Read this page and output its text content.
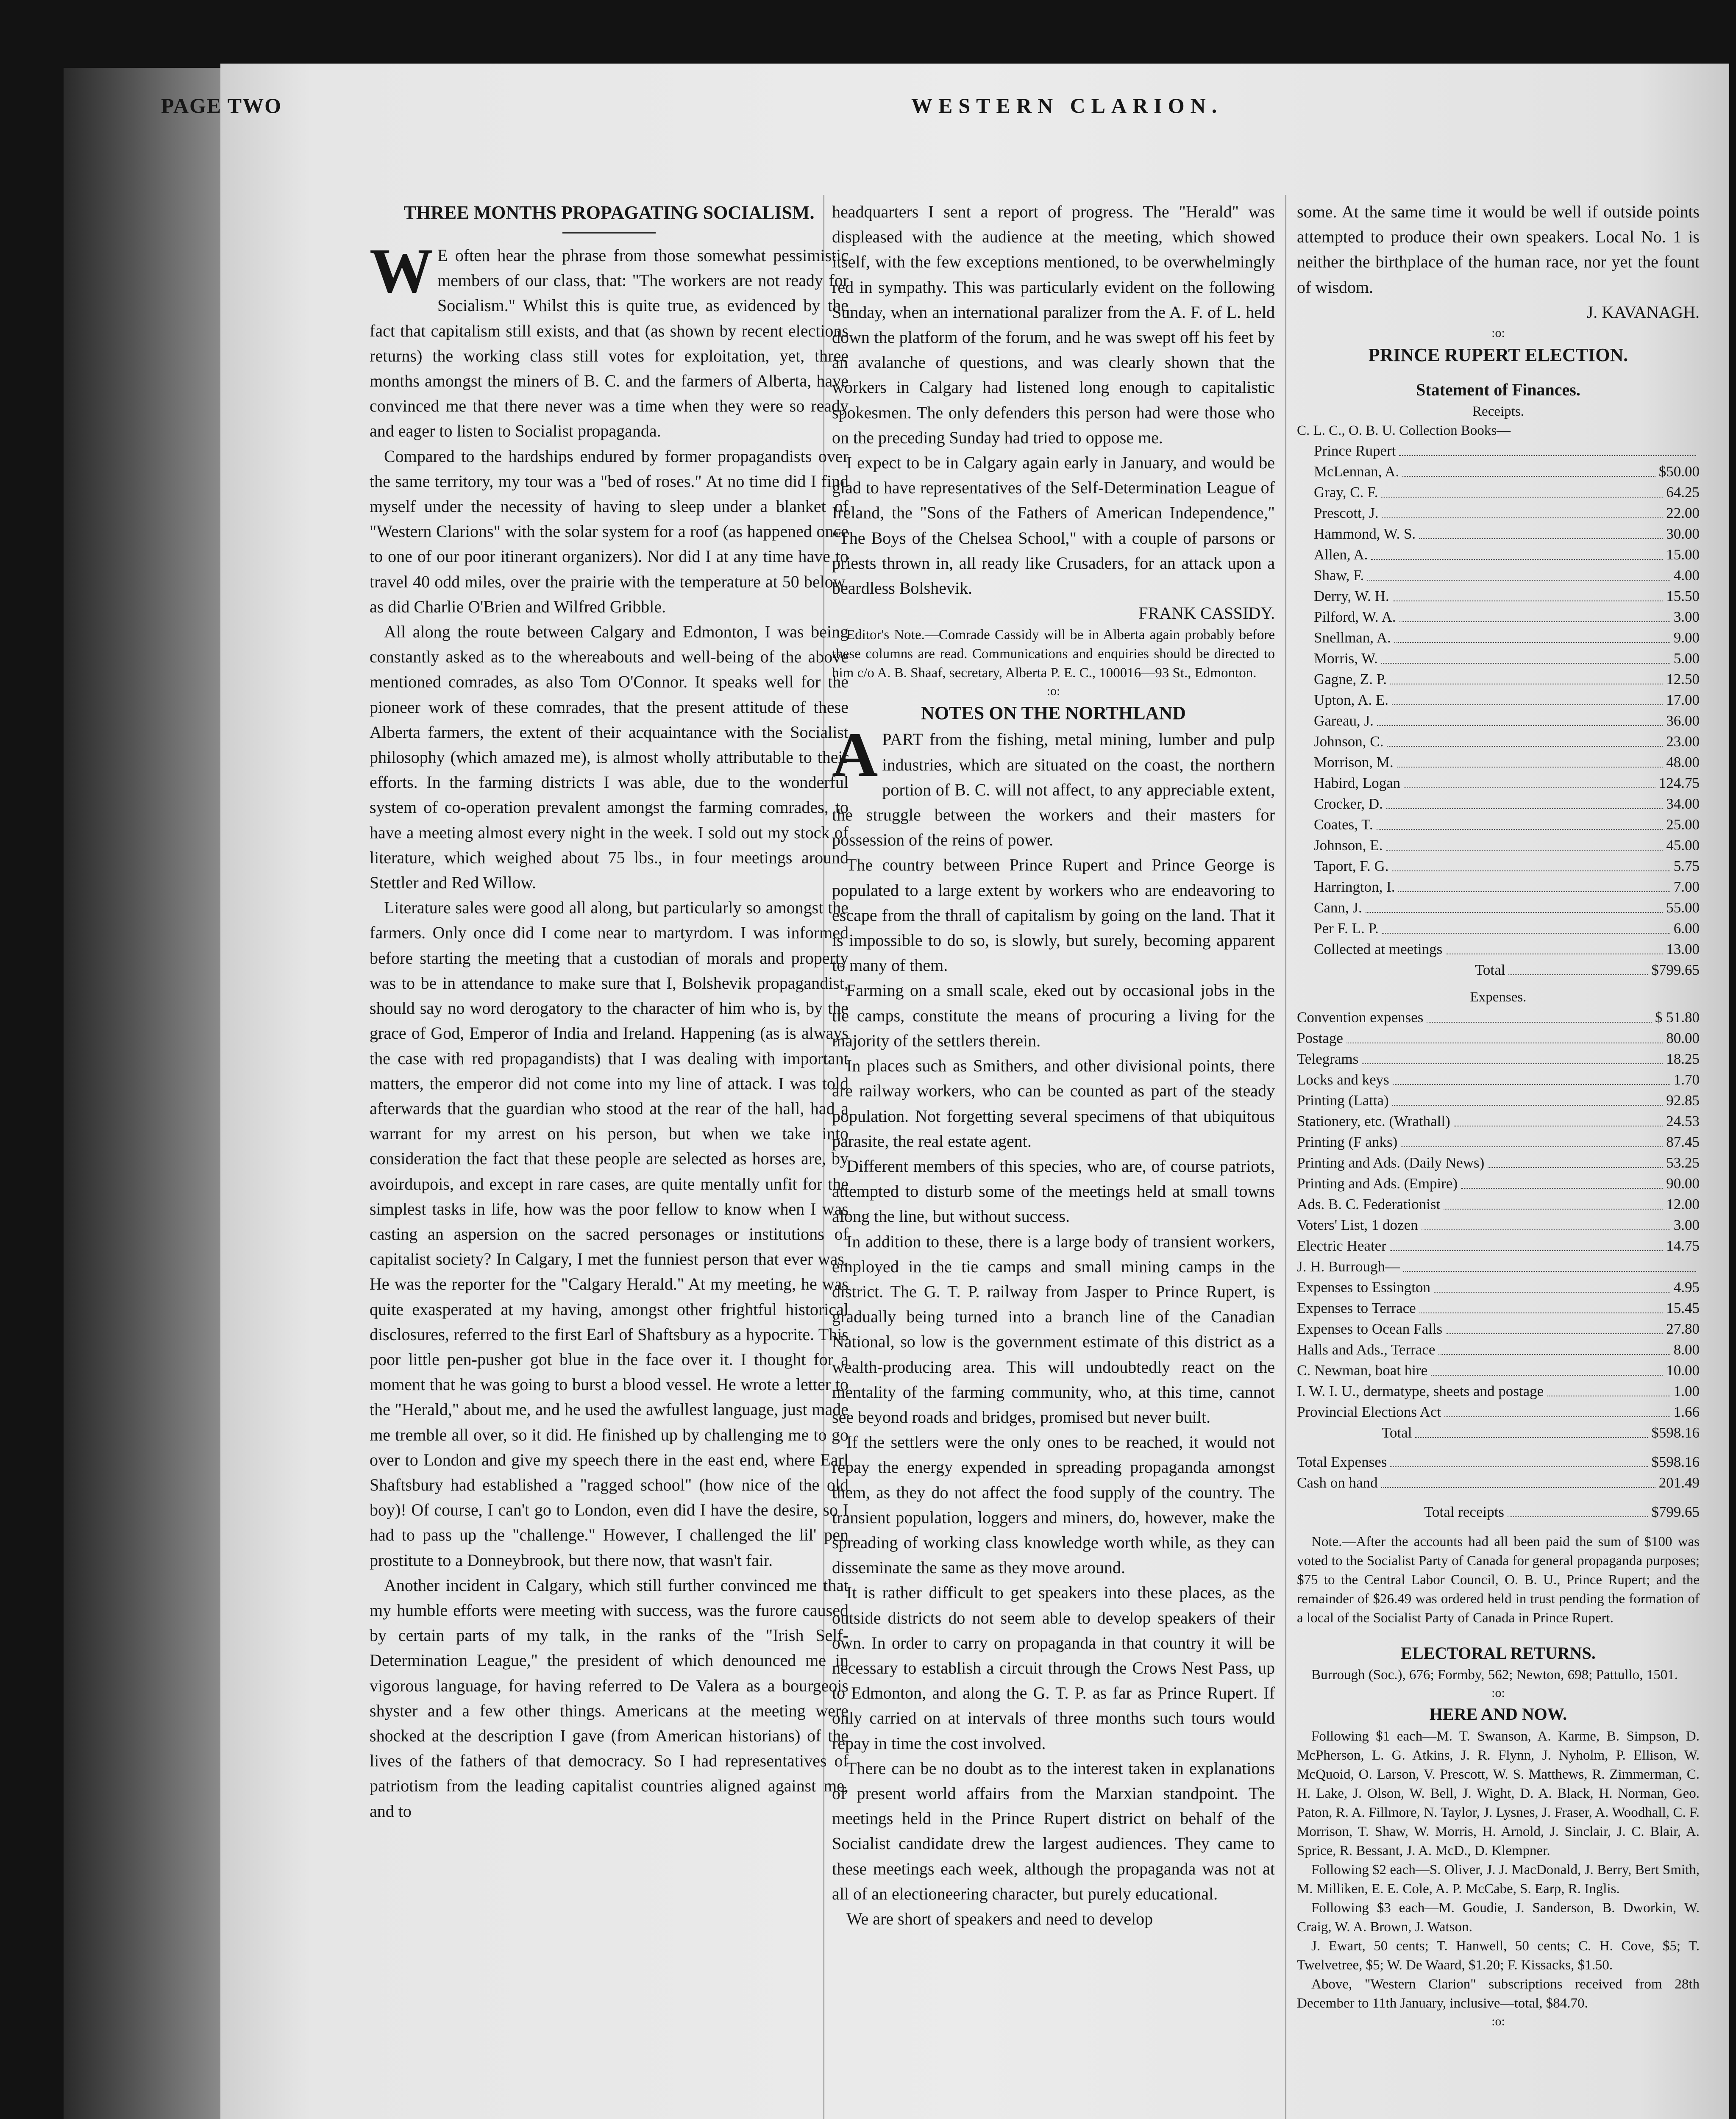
PAGE TWO	WESTERN CLARION.

THREE MONTHS PROPAGATING SOCIALISM.

W E often hear the phrase from those somewhat pessimistic members of our class, that: "The workers are not ready for Socialism." Whilst this is quite true, as evidenced by the fact that capitalism still exists, and that (as shown by recent elections returns) the working class still votes for exploitation, yet, three months amongst the miners of B. C. and the farmers of Alberta, have convinced me that there never was a time when they were so ready and eager to listen to Socialist propaganda.

Compared to the hardships endured by former propagandists over the same territory, my tour was a "bed of roses." At no time did I find myself under the necessity of having to sleep under a blanket of "Western Clarions" with the solar system for a roof (as happened once to one of our poor itinerant organizers). Nor did I at any time have to travel 40 odd miles, over the prairie with the temperature at 50 below, as did Charlie O'Brien and Wilfred Gribble.

All along the route between Calgary and Edmonton, I was being constantly asked as to the whereabouts and well-being of the above mentioned comrades, as also Tom O'Connor. It speaks well for the pioneer work of these comrades, that the present attitude of these Alberta farmers, the extent of their acquaintance with the Socialist philosophy (which amazed me), is almost wholly attributable to their efforts. In the farming districts I was able, due to the wonderful system of co-operation prevalent amongst the farming comrades, to have a meeting almost every night in the week. I sold out my stock of literature, which weighed about 75 lbs., in four meetings around Stettler and Red Willow.

Literature sales were good all along, but particularly so amongst the farmers. Only once did I come near to martyrdom. I was informed before starting the meeting that a custodian of morals and property was to be in attendance to make sure that I, Bolshevik propagandist, should say no word derogatory to the character of him who is, by the grace of God, Emperor of India and Ireland. Happening (as is always the case with red propagandists) that I was dealing with important matters, the emperor did not come into my line of attack. I was told afterwards that the guardian who stood at the rear of the hall, had a warrant for my arrest on his person, but when we take into consideration the fact that these people are selected as horses are, by avoirdupois, and except in rare cases, are quite mentally unfit for the simplest tasks in life, how was the poor fellow to know when I was casting an aspersion on the sacred personages or institutions of capitalist society? In Calgary, I met the funniest person that ever was. He was the reporter for the "Calgary Herald." At my meeting, he was quite exasperated at my having, amongst other frightful historical disclosures, referred to the first Earl of Shaftsbury as a hypocrite. This poor little pen-pusher got blue in the face over it. I thought for a moment that he was going to burst a blood vessel. He wrote a letter to the "Herald," about me, and he used the awfullest language, just made me tremble all over, so it did. He finished up by challenging me to go over to London and give my speech there in the east end, where Earl Shaftsbury had established a "ragged school" (how nice of the old boy)! Of course, I can't go to London, even did I have the desire, so I had to pass up the "challenge." However, I challenged the lil' pen prostitute to a Donneybrook, but there now, that wasn't fair.

Another incident in Calgary, which still further convinced me that my humble efforts were meeting with success, was the furore caused by certain parts of my talk, in the ranks of the "Irish Self-Determination League," the president of which denounced me in vigorous language, for having referred to De Valera as a bourgeois shyster and a few other things. Americans at the meeting were shocked at the description I gave (from American historians) of the lives of the fathers of that democracy. So I had representatives of patriotism from the leading capitalist countries aligned against me, and to

headquarters I sent a report of progress. The "Herald" was displeased with the audience at the meeting, which showed itself, with the few exceptions mentioned, to be overwhelmingly red in sympathy. This was particularly evident on the following Sunday, when an international paralizer from the A. F. of L. held down the platform of the forum, and he was swept off his feet by an avalanche of questions, and was clearly shown that the workers in Calgary had listened long enough to capitalistic spokesmen. The only defenders this person had were those who on the preceding Sunday had tried to oppose me.

I expect to be in Calgary again early in January, and would be glad to have representatives of the Self-Determination League of Ireland, the "Sons of the Fathers of American Independence," "The Boys of the Chelsea School," with a couple of parsons or priests thrown in, all ready like Crusaders, for an attack upon a beardless Bolshevik.

FRANK CASSIDY.

Editor's Note.—Comrade Cassidy will be in Alberta again probably before these columns are read. Communications and enquiries should be directed to him c/o A. B. Shaaf, secretary, Alberta P. E. C., 100016—93 St., Edmonton.

:o:

NOTES ON THE NORTHLAND

APART from the fishing, metal mining, lumber and pulp industries, which are situated on the coast, the northern portion of B. C. will not affect, to any appreciable extent, the struggle between the workers and their masters for possession of the reins of power.

The country between Prince Rupert and Prince George is populated to a large extent by workers who are endeavoring to escape from the thrall of capitalism by going on the land. That it is impossible to do so, is slowly, but surely, becoming apparent to many of them.

Farming on a small scale, eked out by occasional jobs in the tie camps, constitute the means of procuring a living for the majority of the settlers therein.

In places such as Smithers, and other divisional points, there are railway workers, who can be counted as part of the steady population. Not forgetting several specimens of that ubiquitous parasite, the real estate agent.

Different members of this species, who are, of course patriots, attempted to disturb some of the meetings held at small towns along the line, but without success.

In addition to these, there is a large body of transient workers, employed in the tie camps and small mining camps in the district. The G. T. P. railway from Jasper to Prince Rupert, is gradually being turned into a branch line of the Canadian National, so low is the government estimate of this district as a wealth-producing area. This will undoubtedly react on the mentality of the farming community, who, at this time, cannot see beyond roads and bridges, promised but never built.

If the settlers were the only ones to be reached, it would not repay the energy expended in spreading propaganda amongst them, as they do not affect the food supply of the country. The transient population, loggers and miners, do, however, make the spreading of working class knowledge worth while, as they can disseminate the same as they move around.

It is rather difficult to get speakers into these places, as the outside districts do not seem able to develop speakers of their own. In order to carry on propaganda in that country it will be necessary to establish a circuit through the Crows Nest Pass, up to Edmonton, and along the G. T. P. as far as Prince Rupert. If only carried on at intervals of three months such tours would repay in time the cost involved.

There can be no doubt as to the interest taken in explanations of present world affairs from the Marxian standpoint. The meetings held in the Prince Rupert district on behalf of the Socialist candidate drew the largest audiences. They came to these meetings each week, although the propaganda was not at all of an electioneering character, but purely educational.

We are short of speakers and need to develop

some. At the same time it would be well if outside points attempted to produce their own speakers. Local No. 1 is neither the birthplace of the human race, nor yet the fount of wisdom.

J. KAVANAGH.

:o:

PRINCE RUPERT ELECTION.

Statement of Finances.

Receipts.

C. L. C., O. B. U. Collection Books—

Prince Rupert
McLennan, A.	$50.00
Gray, C. F.	64.25
Prescott, J.	22.00
Hammond, W. S.	30.00
Allen, A.	15.00
Shaw, F.	4.00
Derry, W. H.	15.50
Pilford, W. A.	3.00
Snellman, A.	9.00
Morris, W.	5.00
Gagne, Z. P.	12.50
Upton, A. E.	17.00
Gareau, J.	36.00
Johnson, C.	23.00
Morrison, M.	48.00
Habird, Logan	124.75
Crocker, D.	34.00
Coates, T.	25.00
Johnson, E.	45.00
Taport, F. G.	5.75
Harrington, I.	7.00
Cann, J.	55.00
Per F. L. P.	6.00
Collected at meetings	13.00
Total	$799.65

Expenses.

Convention expenses	$ 51.80
Postage	80.00
Telegrams	18.25
Locks and keys	1.70
Printing (Latta)	92.85
Stationery, etc. (Wrathall)	24.53
Printing (F anks)	87.45
Printing and Ads. (Daily News)	53.25
Printing and Ads. (Empire)	90.00
Ads. B. C. Federationist	12.00
Voters' List, 1 dozen	3.00
Electric Heater	14.75
J. H. Burrough—
Expenses to Essington	4.95
Expenses to Terrace	15.45
Expenses to Ocean Falls	27.80
Halls and Ads., Terrace	8.00
C. Newman, boat hire	10.00
I. W. I. U., dermatype, sheets and postage	1.00
Provincial Elections Act	1.66
Total	$598.16
Total Expenses	$598.16
Cash on hand	201.49
Total receipts	$799.65

Note.—After the accounts had all been paid the sum of $100 was voted to the Socialist Party of Canada for general propaganda purposes; $75 to the Central Labor Council, O. B. U., Prince Rupert; and the remainder of $26.49 was ordered held in trust pending the formation of a local of the Socialist Party of Canada in Prince Rupert.

ELECTORAL RETURNS.

Burrough (Soc.), 676; Formby, 562; Newton, 698; Pattullo, 1501.

:o:

HERE AND NOW.

Following $1 each—M. T. Swanson, A. Karme, B. Simpson, D. McPherson, L. G. Atkins, J. R. Flynn, J. Nyholm, P. Ellison, W. McQuoid, O. Larson, V. Prescott, W. S. Matthews, R. Zimmerman, C. H. Lake, J. Olson, W. Bell, J. Wight, D. A. Black, H. Norman, Geo. Paton, R. A. Fillmore, N. Taylor, J. Lysnes, J. Fraser, A. Woodhall, C. F. Morrison, T. Shaw, W. Morris, H. Arnold, J. Sinclair, J. C. Blair, A. Sprice, R. Bessant, J. A. McD., D. Klempner.

Following $2 each—S. Oliver, J. J. MacDonald, J. Berry, Bert Smith, M. Milliken, E. E. Cole, A. P. McCabe, S. Earp, R. Inglis.

Following $3 each—M. Goudie, J. Sanderson, B. Dworkin, W. Craig, W. A. Brown, J. Watson.

J. Ewart, 50 cents; T. Hanwell, 50 cents; C. H. Cove, $5; T. Twelvetree, $5; W. De Waard, $1.20; F. Kissacks, $1.50.

Above, "Western Clarion" subscriptions received from 28th December to 11th January, inclusive—total, $84.70.

:o:
